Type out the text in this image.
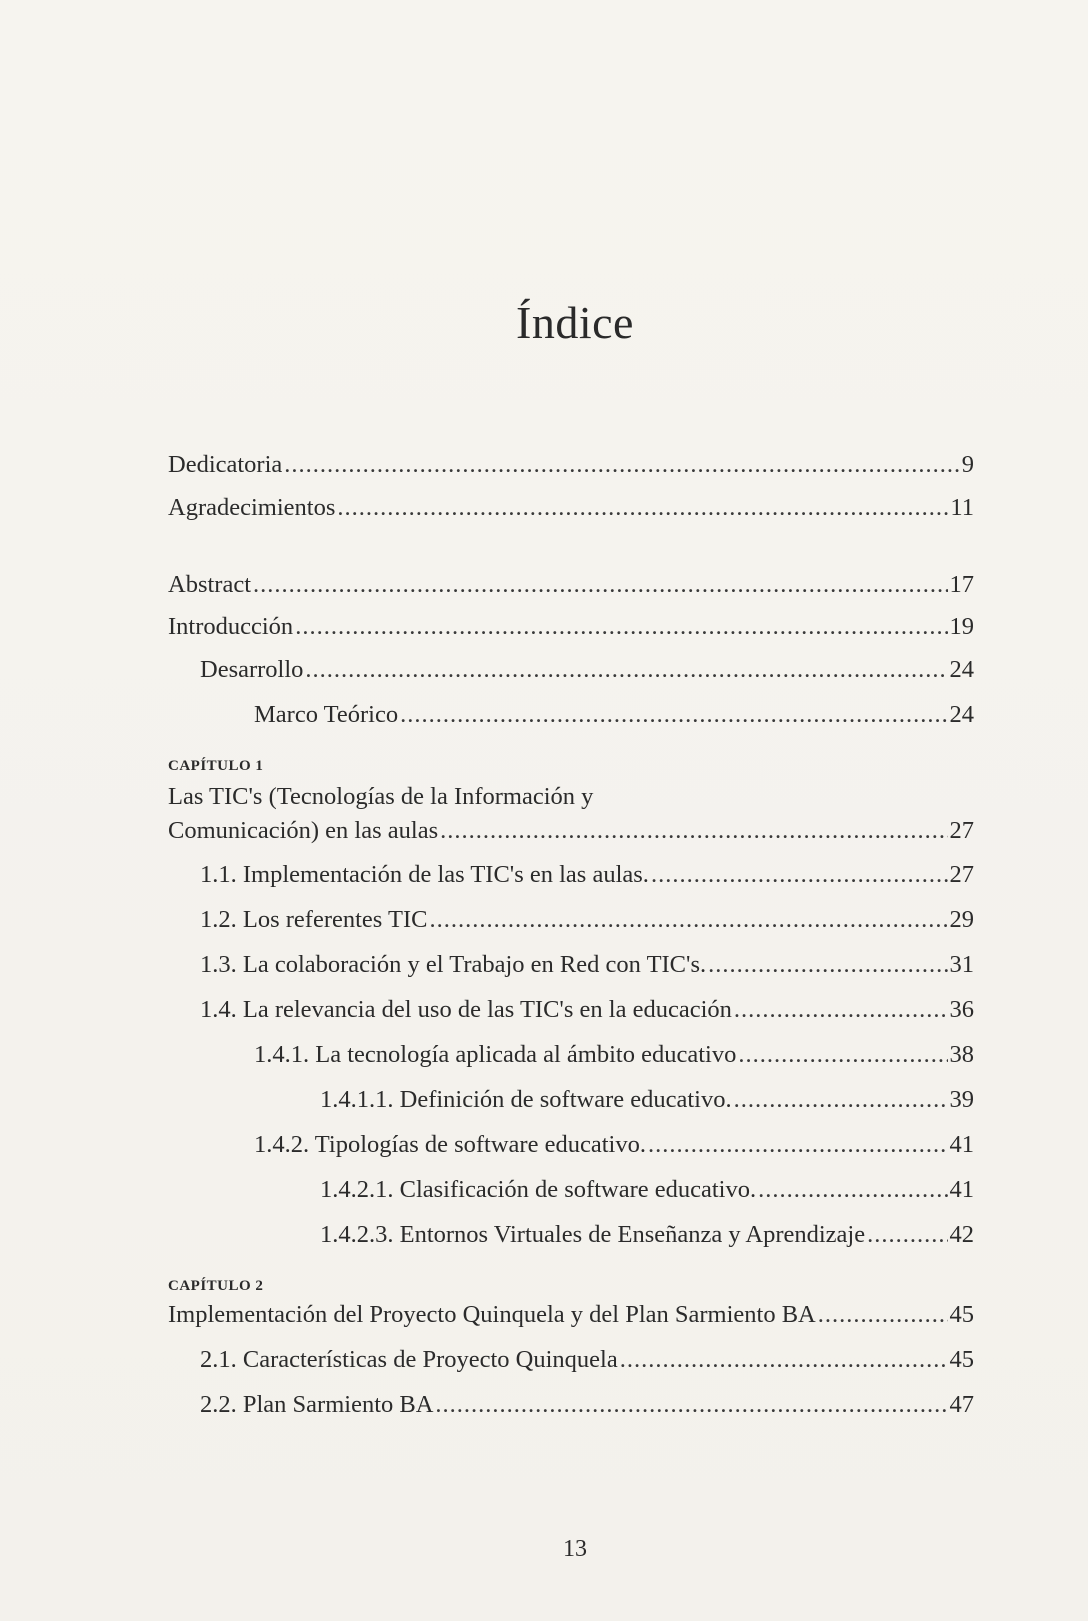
Índice
Dedicatoria .....	9
Agradecimientos .....	11
Abstract .....	17
Introducción .....	19
Desarrollo .....	24
Marco Teórico .....	24
CAPÍTULO 1
Las TIC's (Tecnologías de la Información y
Comunicación) en las aulas .....	27
1.1. Implementación de las TIC's en las aulas. .....	27
1.2. Los referentes TIC .....	29
1.3. La colaboración y el Trabajo en Red con TIC's. .....	31
1.4. La relevancia del uso de las TIC's en la educación .....	36
1.4.1. La tecnología aplicada al ámbito educativo .....	38
1.4.1.1. Definición de software educativo. .....	39
1.4.2. Tipologías de software educativo. .....	41
1.4.2.1. Clasificación de software educativo. .....	41
1.4.2.3. Entornos Virtuales de Enseñanza y Aprendizaje .....	42
CAPÍTULO 2
Implementación del Proyecto Quinquela y del Plan Sarmiento BA .....	45
2.1. Características de Proyecto Quinquela .....	45
2.2. Plan Sarmiento BA .....	47
13
